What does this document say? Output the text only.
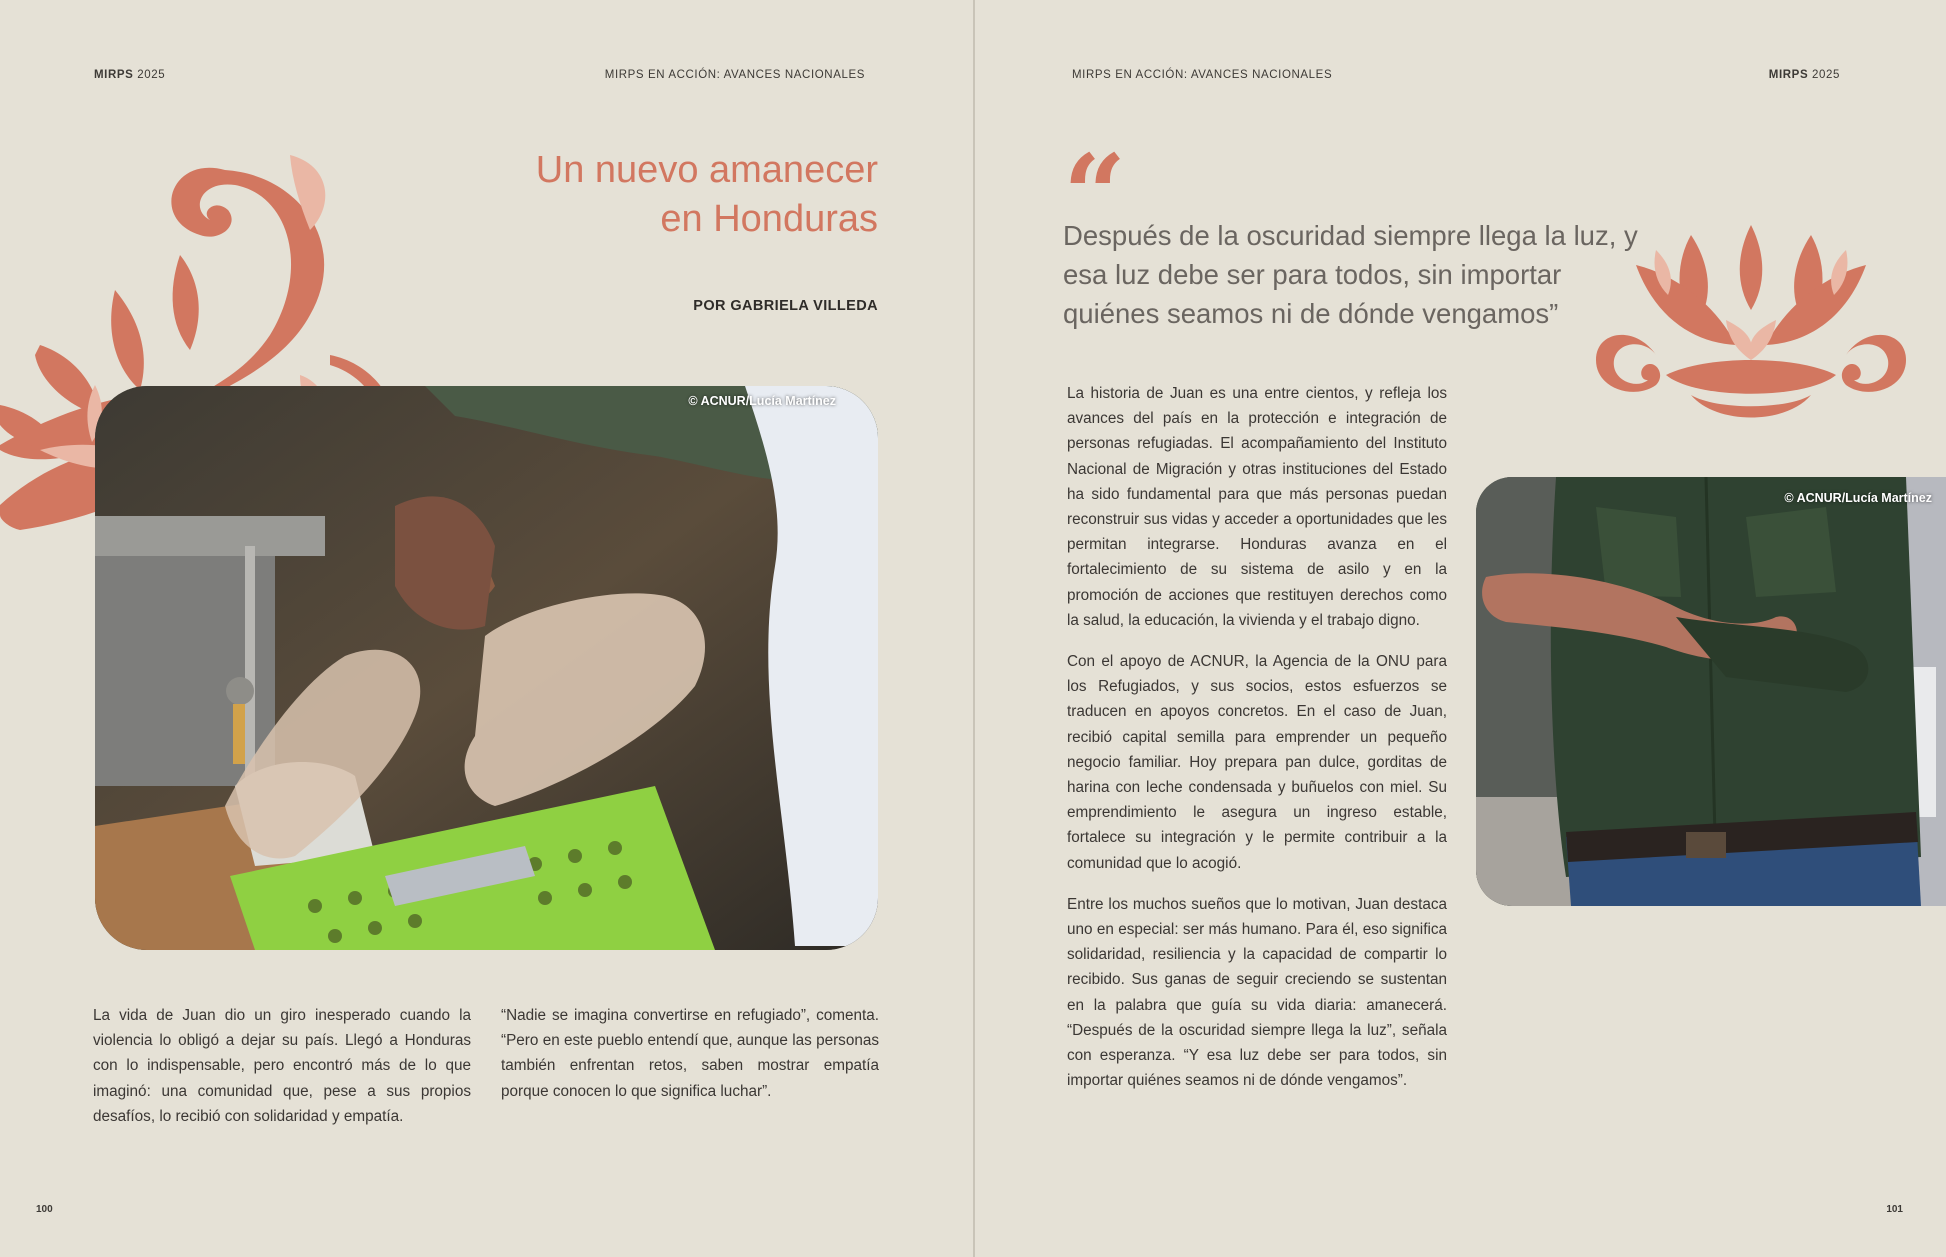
MIRPS 2025	MIRPS EN ACCIÓN: AVANCES NACIONALES
Un nuevo amanecer
en Honduras
POR GABRIELA VILLEDA
© ACNUR/Lucía Martínez

La vida de Juan dio un giro inesperado cuando la violencia lo obligó a dejar su país. Llegó a Honduras con lo indispensable, pero encontró más de lo que imaginó: una comunidad que, pese a sus propios desafíos, lo recibió con solidaridad y empatía.

“Nadie se imagina convertirse en refugiado”, comenta. “Pero en este pueblo entendí que, aunque las personas también enfrentan retos, saben mostrar empatía porque conocen lo que significa luchar”.

100
MIRPS EN ACCIÓN: AVANCES NACIONALES	MIRPS 2025
“
Después de la oscuridad siempre llega la luz, y esa luz debe ser para todos, sin importar quiénes seamos ni de dónde vengamos”

La historia de Juan es una entre cientos, y refleja los avances del país en la protección e integración de personas refugiadas. El acompañamiento del Instituto Nacional de Migración y otras instituciones del Estado ha sido fundamental para que más personas puedan reconstruir sus vidas y acceder a oportunidades que les permitan integrarse. Honduras avanza en el fortalecimiento de su sistema de asilo y en la promoción de acciones que restituyen derechos como la salud, la educación, la vivienda y el trabajo digno.

Con el apoyo de ACNUR, la Agencia de la ONU para los Refugiados, y sus socios, estos esfuerzos se traducen en apoyos concretos. En el caso de Juan, recibió capital semilla para emprender un pequeño negocio familiar. Hoy prepara pan dulce, gorditas de harina con leche condensada y buñuelos con miel. Su emprendimiento le asegura un ingreso estable, fortalece su integración y le permite contribuir a la comunidad que lo acogió.

Entre los muchos sueños que lo motivan, Juan destaca uno en especial: ser más humano. Para él, eso significa solidaridad, resiliencia y la capacidad de compartir lo recibido. Sus ganas de seguir creciendo se sustentan en la palabra que guía su vida diaria: amanecerá. “Después de la oscuridad siempre llega la luz”, señala con esperanza. “Y esa luz debe ser para todos, sin importar quiénes seamos ni de dónde vengamos”.

© ACNUR/Lucía Martínez
101
